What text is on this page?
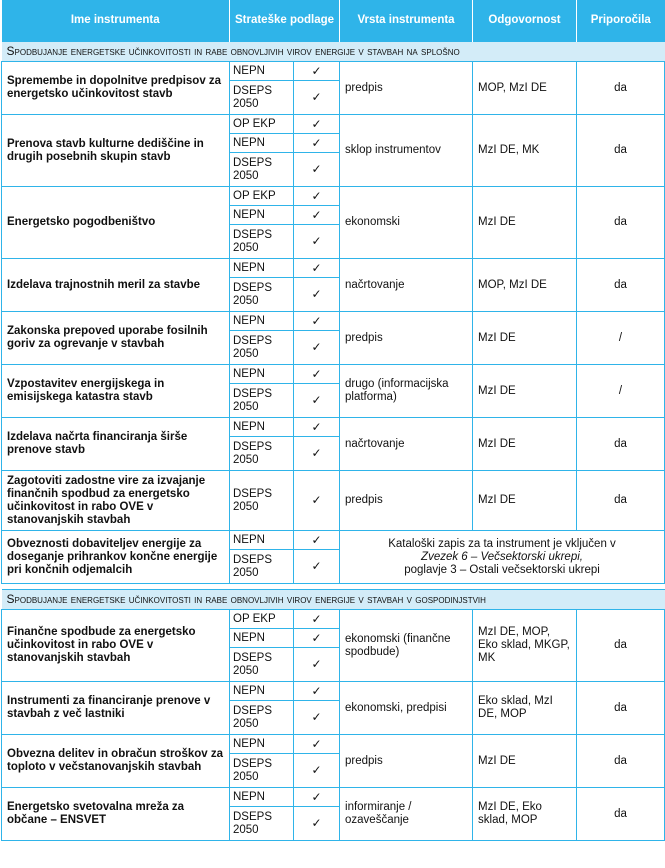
Ime instrumenta	Strateške podlage		Vrsta instrumenta	Odgovornost	Priporočila
Spodbujanje energetske učinkovitosti in rabe obnovljivih virov energije v stavbah na splošno					
Spremembe in dopolnitve predpisov za energetsko učinkovitost stavb	NEPN	✓	predpis	MOP, MzI DE	da
	DSEPS 2050	✓			
Prenova stavb kulturne dediščine in drugih posebnih skupin stavb	OP EKP	✓	sklop instrumentov	MzI DE, MK	da
	NEPN	✓			
	DSEPS 2050	✓			
Energetsko pogodbeništvo	OP EKP	✓	ekonomski	MzI DE	da
	NEPN	✓			
	DSEPS 2050	✓			
Izdelava trajnostnih meril za stavbe	NEPN	✓	načrtovanje	MOP, MzI DE	da
	DSEPS 2050	✓			
Zakonska prepoved uporabe fosilnih goriv za ogrevanje v stavbah	NEPN	✓	predpis	MzI DE	/
	DSEPS 2050	✓			
Vzpostavitev energijskega in emisijskega katastra stavb	NEPN	✓	drugo (informacijska platforma)	MzI DE	/
	DSEPS 2050	✓			
Izdelava načrta financiranja širše prenove stavb	NEPN	✓	načrtovanje	MzI DE	da
	DSEPS 2050	✓			
Zagotoviti zadostne vire za izvajanje finančnih spodbud za energetsko učinkovitost in rabo OVE v stanovanjskih stavbah	DSEPS 2050	✓	predpis	MzI DE	da
Obveznosti dobaviteljev energije za doseganje prihrankov končne energije pri končnih odjemalcih	NEPN	✓	Kataloški zapis za ta instrument je vključen v
Zvezek 6 – Večsektorski ukrepi,
poglavje 3 – Ostali večsektorski ukrepi		

	DSEPS 2050	✓			

Spodbujanje energetske učinkovitosti in rabe obnovljivih virov energije v stavbah v gospodinjstvih					
Finančne spodbude za energetsko učinkovitost in rabo OVE v stanovanjskih stavbah	OP EKP	✓	ekonomski (finančne spodbude)	MzI DE, MOP, Eko sklad, MKGP, MK	da
	NEPN	✓			
	DSEPS 2050	✓			
Instrumenti za financiranje prenove v stavbah z več lastniki	NEPN	✓	ekonomski, predpisi	Eko sklad, MzI DE, MOP	da
	DSEPS 2050	✓			
Obvezna delitev in obračun stroškov za toploto v večstanovanjskih stavbah	NEPN	✓	predpis	MzI DE	da
	DSEPS 2050	✓			
Energetsko svetovalna mreža za občane – ENSVET	NEPN	✓	informiranje / ozaveščanje	MzI DE, Eko sklad, MOP	da
	DSEPS 2050	✓			
